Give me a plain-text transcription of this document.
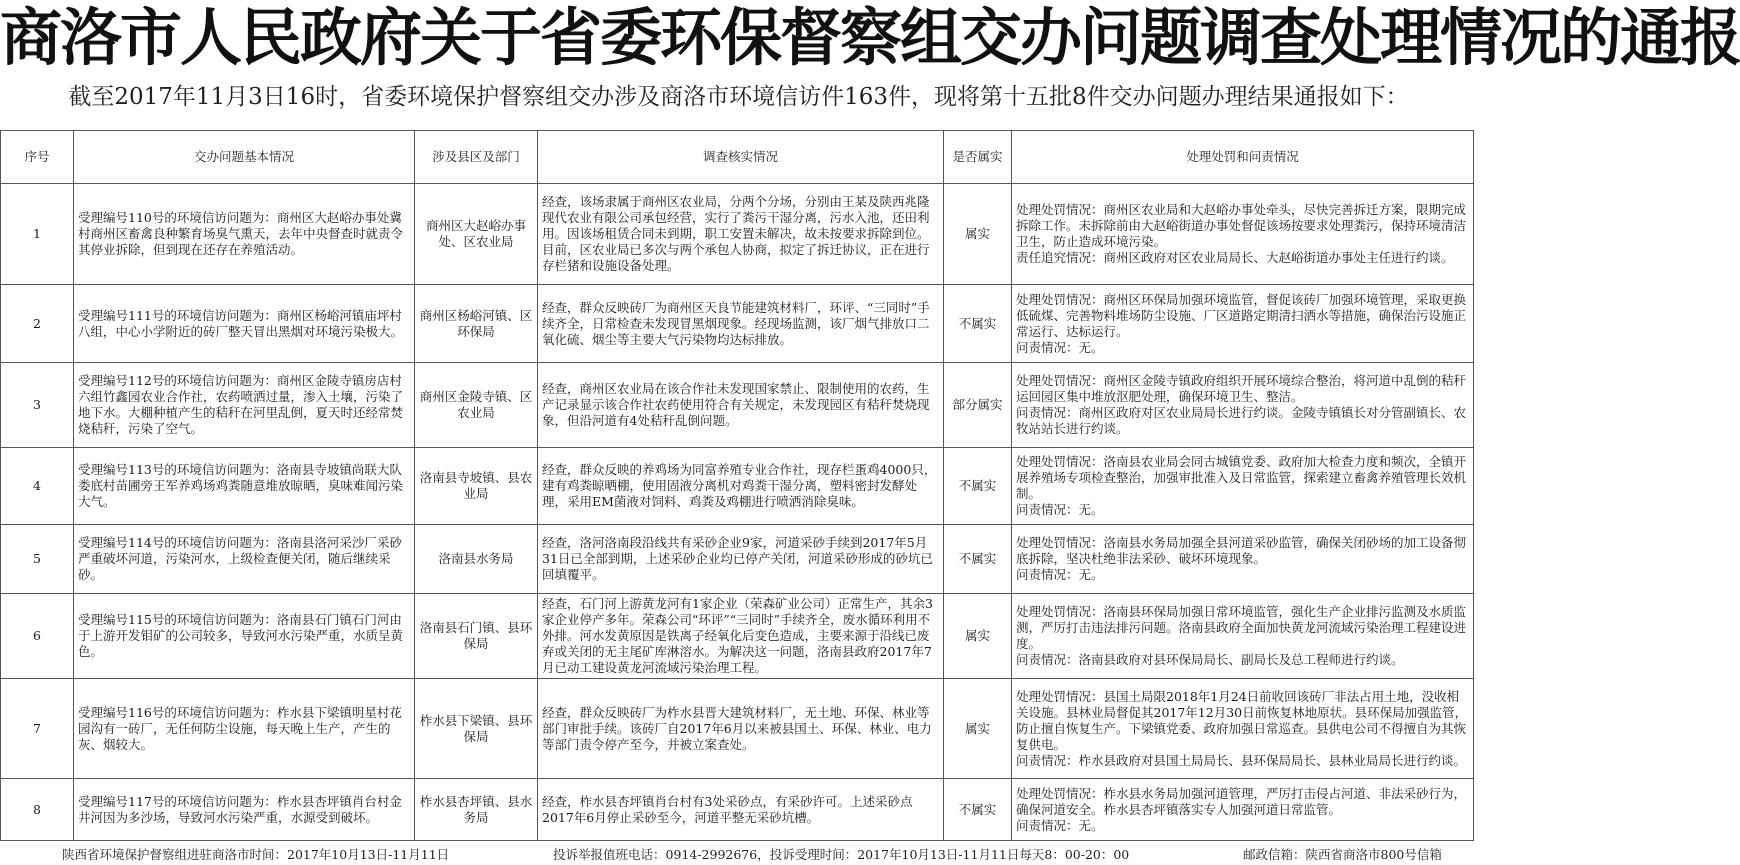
商洛市人民政府关于省委环保督察组交办问题调查处理情况的通报
截至2017年11月3日16时，省委环境保护督察组交办涉及商洛市环境信访件163件，现将第十五批8件交办问题办理结果通报如下：
序号	交办问题基本情况	涉及县区及部门	调查核实情况	是否属实	处理处罚和问责情况
1	受理编号110号的环境信访问题为：商州区大赵峪办事处冀村商州区畜禽良种繁育场臭气熏天，去年中央督查时就责令其停业拆除，但到现在还存在养殖活动。	商州区大赵峪办事处、区农业局	经查，该场隶属于商州区农业局，分两个分场，分别由王某及陕西兆隆现代农业有限公司承包经营，实行了粪污干湿分离，污水入池，还田利用。因该场租赁合同未到期，职工安置未解决，故未按要求拆除到位。目前，区农业局已多次与两个承包人协商，拟定了拆迁协议，正在进行存栏猪和设施设备处理。	属实	处理处罚情况：商州区农业局和大赵峪办事处牵头，尽快完善拆迁方案，限期完成拆除工作。未拆除前由大赵峪街道办事处督促该场按要求处理粪污，保持环境清洁卫生，防止造成环境污染。
责任追究情况：商州区政府对区农业局局长、大赵峪街道办事处主任进行约谈。

2	受理编号111号的环境信访问题为：商州区杨峪河镇庙坪村八组，中心小学附近的砖厂整天冒出黑烟对环境污染极大。	商州区杨峪河镇、区环保局	经查，群众反映砖厂为商州区天良节能建筑材料厂，环评、“三同时”手续齐全，日常检查未发现冒黑烟现象。经现场监测，该厂烟气排放口二氧化硫、烟尘等主要大气污染物均达标排放。	不属实	处理处罚情况：商州区环保局加强环境监管，督促该砖厂加强环境管理，采取更换低硫煤、完善物料堆场防尘设施、厂区道路定期清扫洒水等措施，确保治污设施正常运行、达标运行。
问责情况：无。

3	受理编号112号的环境信访问题为：商州区金陵寺镇房店村六组竹鑫园农业合作社，农药喷洒过量，渗入土壤，污染了地下水。大棚种植产生的秸秆在河里乱倒，夏天时还经常焚烧秸秆，污染了空气。	商州区金陵寺镇、区农业局	经查，商州区农业局在该合作社未发现国家禁止、限制使用的农药，生产记录显示该合作社农药使用符合有关规定，未发现园区有秸秆焚烧现象，但沿河道有4处秸秆乱倒问题。	部分属实	处理处罚情况：商州区金陵寺镇政府组织开展环境综合整治，将河道中乱倒的秸秆运回园区集中堆放沤肥处理，确保环境卫生、整洁。
问责情况：商州区政府对区农业局局长进行约谈。金陵寺镇镇长对分管副镇长、农牧站站长进行约谈。

4	受理编号113号的环境信访问题为：洛南县寺坡镇尚联大队娄底村苗圃旁王军养鸡场鸡粪随意堆放晾晒，臭味难闻污染大气。	洛南县寺坡镇、县农业局	经查，群众反映的养鸡场为同富养殖专业合作社，现存栏蛋鸡4000只，建有鸡粪晾晒棚，使用固液分离机对鸡粪干湿分离，塑料密封发酵处理，采用EM菌液对饲料、鸡粪及鸡棚进行喷洒消除臭味。	不属实	处理处罚情况：洛南县农业局会同古城镇党委、政府加大检查力度和频次，全镇开展养殖场专项检查整治，加强审批准入及日常监管，探索建立畜禽养殖管理长效机制。
问责情况：无。

5	受理编号114号的环境信访问题为：洛南县洛河采沙厂采砂严重破坏河道，污染河水，上级检查便关闭，随后继续采砂。	洛南县水务局	经查，洛河洛南段沿线共有采砂企业9家，河道采砂手续到2017年5月31日已全部到期，上述采砂企业均已停产关闭，河道采砂形成的砂坑已回填覆平。	不属实	处理处罚情况：洛南县水务局加强全县河道采砂监管，确保关闭砂场的加工设备彻底拆除，坚决杜绝非法采砂、破坏环境现象。
问责情况：无。

6	受理编号115号的环境信访问题为：洛南县石门镇石门河由于上游开发钼矿的公司较多，导致河水污染严重，水质呈黄色。	洛南县石门镇、县环保局	经查，石门河上游黄龙河有1家企业（荣森矿业公司）正常生产，其余3家企业停产多年。荣森公司“环评”“三同时”手续齐全，废水循环利用不外排。河水发黄原因是铁离子经氧化后变色造成，主要来源于沿线已废弃或关闭的无主尾矿库淋溶水。为解决这一问题，洛南县政府2017年7月已动工建设黄龙河流域污染治理工程。	属实	处理处罚情况：洛南县环保局加强日常环境监管，强化生产企业排污监测及水质监测，严厉打击违法排污问题。洛南县政府全面加快黄龙河流域污染治理工程建设进度。
问责情况：洛南县政府对县环保局局长、副局长及总工程师进行约谈。

7	受理编号116号的环境信访问题为：柞水县下梁镇明星村花园沟有一砖厂，无任何防尘设施，每天晚上生产，产生的灰、烟较大。	柞水县下梁镇、县环保局	经查，群众反映砖厂为柞水县晋大建筑材料厂，无土地、环保、林业等部门审批手续。该砖厂自2017年6月以来被县国土、环保、林业、电力等部门责令停产至今，并被立案查处。	属实	处理处罚情况：县国土局限2018年1月24日前收回该砖厂非法占用土地，没收相关设施。县林业局督促其2017年12月30日前恢复林地原状。县环保局加强监管，防止擅自恢复生产。下梁镇党委、政府加强日常巡查。县供电公司不得擅自为其恢复供电。
问责情况：柞水县政府对县国土局局长、县环保局局长、县林业局局长进行约谈。

8	受理编号117号的环境信访问题为：柞水县杏坪镇肖台村金井河因为多沙场，导致河水污染严重，水源受到破坏。	柞水县杏坪镇、县水务局	经查，柞水县杏坪镇肖台村有3处采砂点，有采砂许可。上述采砂点2017年6月停止采砂至今，河道平整无采砂坑槽。	不属实	处理处罚情况：柞水县水务局加强河道管理，严厉打击侵占河道、非法采砂行为，确保河道安全。柞水县杏坪镇落实专人加强河道日常监管。
问责情况：无。
陕西省环境保护督察组进驻商洛市时间：2017年10月13日-11月11日	投诉举报值班电话：0914-2992676，投诉受理时间：2017年10月13日-11月11日每天8：00-20：00	邮政信箱：陕西省商洛市800号信箱
